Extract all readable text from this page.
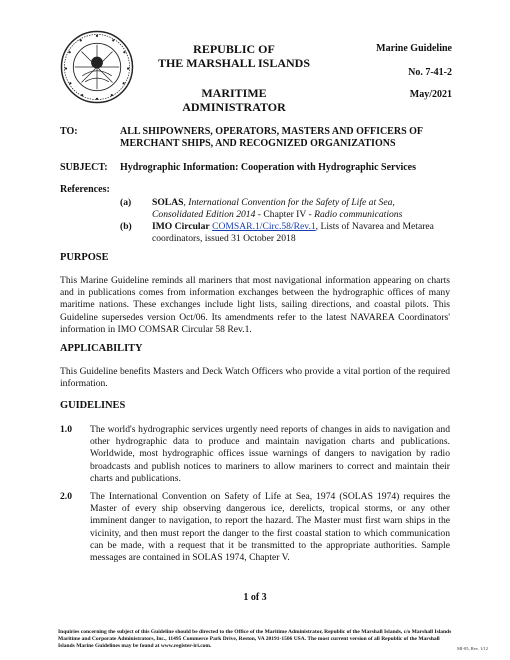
REPUBLIC OF
THE MARSHALL ISLANDS
MARITIME ADMINISTRATOR
Marine Guideline
No. 7-41-2
May/2021
TO:	ALL SHIPOWNERS, OPERATORS, MASTERS AND OFFICERS OF
MERCHANT SHIPS, AND RECOGNIZED ORGANIZATIONS
SUBJECT: Hydrographic Information: Cooperation with Hydrographic Services
References:
(a) SOLAS, International Convention for the Safety of Life at Sea,
Consolidated Edition 2014 - Chapter IV - Radio communications
(b) IMO Circular COMSAR.1/Circ.58/Rev.1, Lists of Navarea and Metarea
coordinators, issued 31 October 2018
PURPOSE
This Marine Guideline reminds all mariners that most navigational information appearing on charts and in publications comes from information exchanges between the hydrographic offices of many maritime nations. These exchanges include light lists, sailing directions, and coastal pilots. This Guideline supersedes version Oct/06. Its amendments refer to the latest NAVAREA Coordinators' information in IMO COMSAR Circular 58 Rev.1.
APPLICABILITY
This Guideline benefits Masters and Deck Watch Officers who provide a vital portion of the required information.
GUIDELINES
1.0 The world's hydrographic services urgently need reports of changes in aids to navigation and other hydrographic data to produce and maintain navigation charts and publications. Worldwide, most hydrographic offices issue warnings of dangers to navigation by radio broadcasts and publish notices to mariners to allow mariners to correct and maintain their charts and publications.
2.0 The International Convention on Safety of Life at Sea, 1974 (SOLAS 1974) requires the Master of every ship observing dangerous ice, derelicts, tropical storms, or any other imminent danger to navigation, to report the hazard. The Master must first warn ships in the vicinity, and then must report the danger to the first coastal station to which communication can be made, with a request that it be transmitted to the appropriate authorities. Sample messages are contained in SOLAS 1974, Chapter V.
1 of 3
Inquiries concerning the subject of this Guideline should be directed to the Office of the Maritime Administrator, Republic of the Marshall Islands, c/o Marshall Islands Maritime and Corporate Administrators, Inc., 11495 Commerce Park Drive, Reston, VA 20191-1506 USA. The most current version of all Republic of the Marshall Islands Marine Guidelines may be found at www.register-iri.com.	MI-05, Rev. 1/12
